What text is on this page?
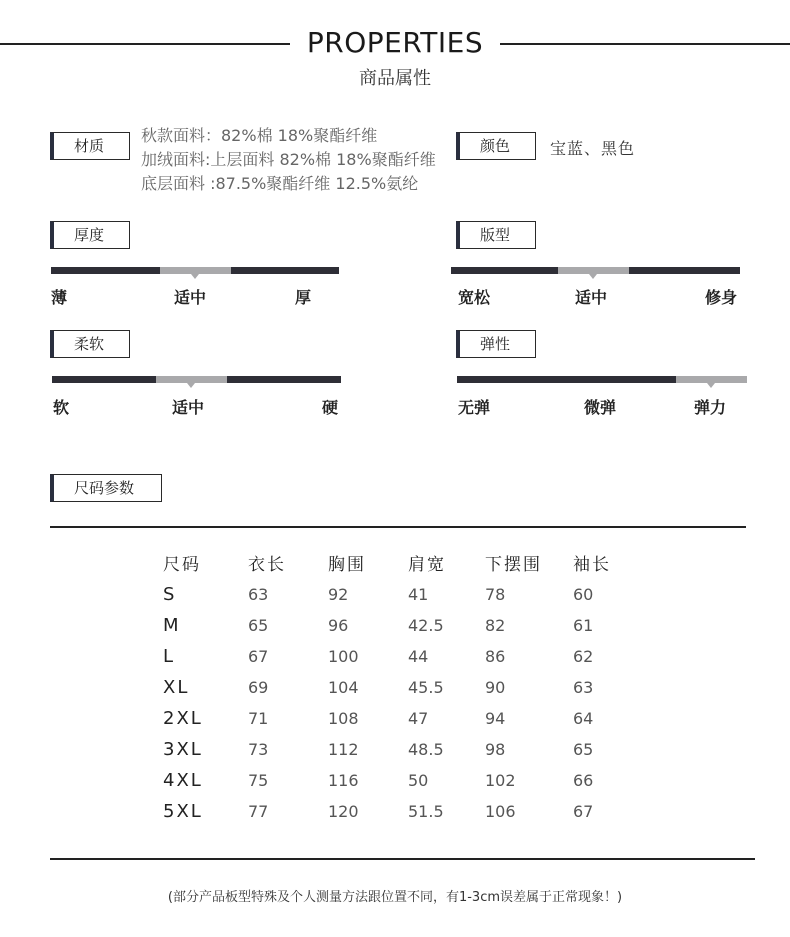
PROPERTIES
商品属性
材质
秋款面料：82%棉 18%聚酯纤维
加绒面料:上层面料 82%棉 18%聚酯纤维
底层面料 :87.5%聚酯纤维 12.5%氨纶
颜色	宝蓝、黑色
厚度
薄	适中	厚
版型
宽松	适中	修身
柔软
软	适中	硬
弹性
无弹	微弹	弹力
尺码参数
尺码	衣长	胸围	肩宽	下摆围	袖长
S	63	92	41	78	60
M	65	96	42.5	82	61
L	67	100	44	86	62
XL	69	104	45.5	90	63
2XL	71	108	47	94	64
3XL	73	112	48.5	98	65
4XL	75	116	50	102	66
5XL	77	120	51.5	106	67
(部分产品板型特殊及个人测量方法跟位置不同，有1-3cm误差属于正常现象！)
